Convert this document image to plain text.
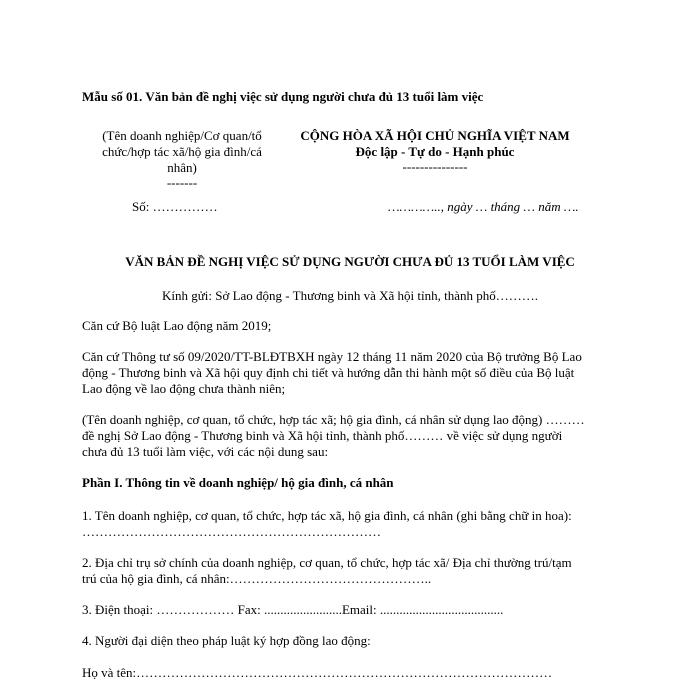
Mẫu số 01. Văn bản đề nghị việc sử dụng người chưa đủ 13 tuổi làm việc

(Tên doanh nghiệp/Cơ quan/tổ

chức/hợp tác xã/hộ gia đình/cá

nhân)

-------

Số: ……………

CỘNG HÒA XÃ HỘI CHỦ NGHĨA VIỆT NAM

Độc lập - Tự do - Hạnh phúc

---------------

………….., ngày … tháng … năm ….

VĂN BẢN ĐỀ NGHỊ VIỆC SỬ DỤNG NGƯỜI CHƯA ĐỦ 13 TUỔI LÀM VIỆC

Kính gửi: Sở Lao động - Thương binh và Xã hội tỉnh, thành phố……….

Căn cứ Bộ luật Lao động năm 2019;

Căn cứ Thông tư số 09/2020/TT-BLĐTBXH ngày 12 tháng 11 năm 2020 của Bộ trưởng Bộ Lao

động - Thương binh và Xã hội quy định chi tiết và hướng dẫn thi hành một số điều của Bộ luật

Lao động về lao động chưa thành niên;

(Tên doanh nghiệp, cơ quan, tổ chức, hợp tác xã; hộ gia đình, cá nhân sử dụng lao động) ………

đề nghị Sở Lao động - Thương binh và Xã hội tỉnh, thành phố……… về việc sử dụng người

chưa đủ 13 tuổi làm việc, với các nội dung sau:

Phần I. Thông tin về doanh nghiệp/ hộ gia đình, cá nhân

1. Tên doanh nghiệp, cơ quan, tổ chức, hợp tác xã, hộ gia đình, cá nhân (ghi bằng chữ in hoa):

……………………………………………………………

2. Địa chỉ trụ sở chính của doanh nghiệp, cơ quan, tổ chức, hợp tác xã/ Địa chỉ thường trú/tạm

trú của hộ gia đình, cá nhân:………………………………………..

3. Điện thoại: ……………… Fax: ........................Email: ......................................

4. Người đại diện theo pháp luật ký hợp đồng lao động:

Họ và tên:……………………………………………………………………………………
